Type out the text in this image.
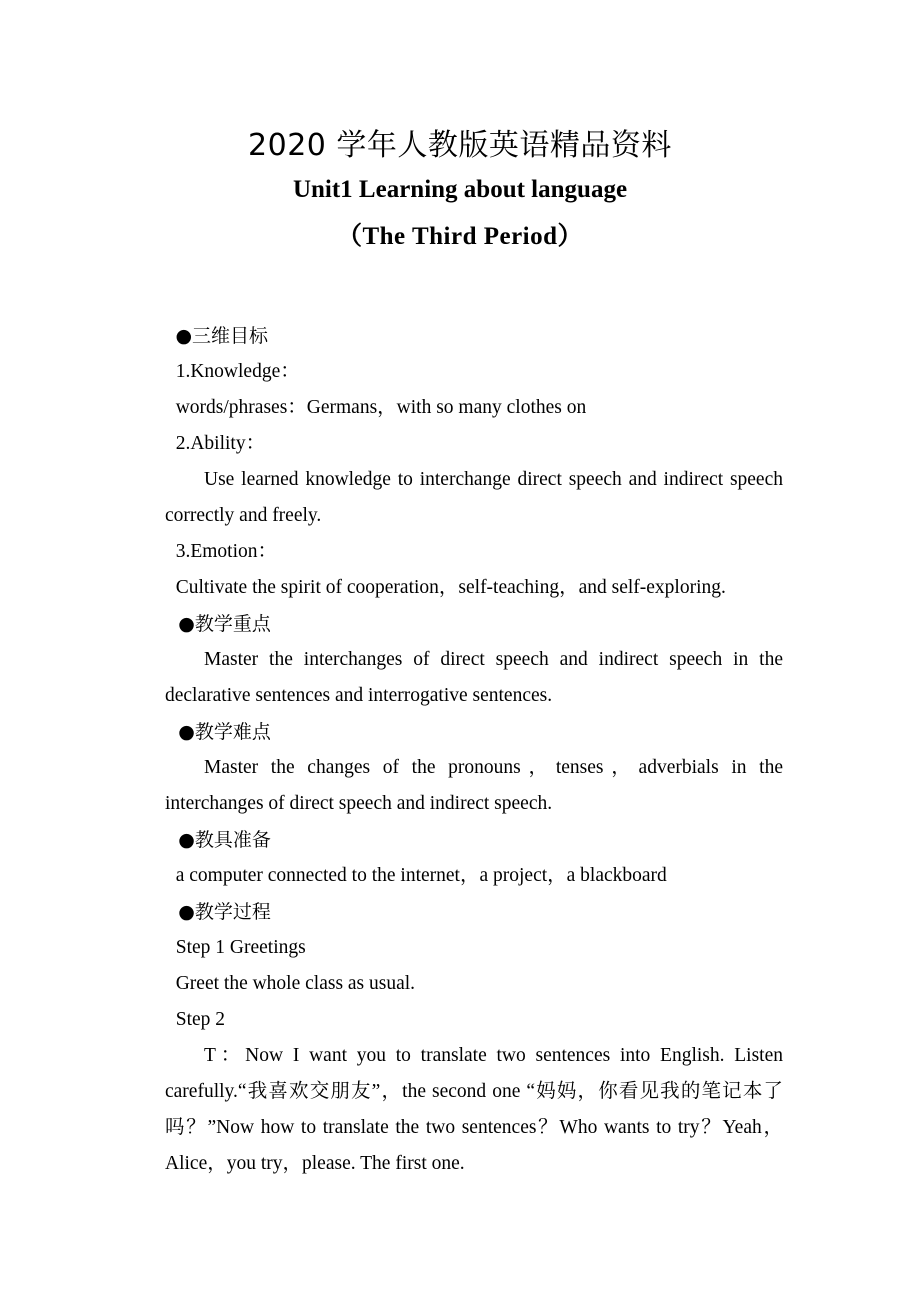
2020 学年人教版英语精品资料
Unit1 Learning about language
（The Third Period）

●三维目标

1.Knowledge：

words/phrases：Germans，with so many clothes on

2.Ability：

Use learned knowledge to interchange direct speech and indirect speech correctly and freely.

3.Emotion：

Cultivate the spirit of cooperation，self-teaching，and self-exploring.

●教学重点

Master the interchanges of direct speech and indirect speech in the declarative sentences and interrogative sentences.

●教学难点

Master the changes of the pronouns，tenses，adverbials in the interchanges of direct speech and indirect speech.

●教具准备

a computer connected to the internet，a project，a blackboard

●教学过程

Step 1 Greetings

Greet the whole class as usual.

Step 2

T：Now I want you to translate two sentences into English. Listen carefully.“我喜欢交朋友”，the second one “妈妈，你看见我的笔记本了吗？”Now how to translate the two sentences？Who wants to try？Yeah，Alice，you try，please. The first one.
